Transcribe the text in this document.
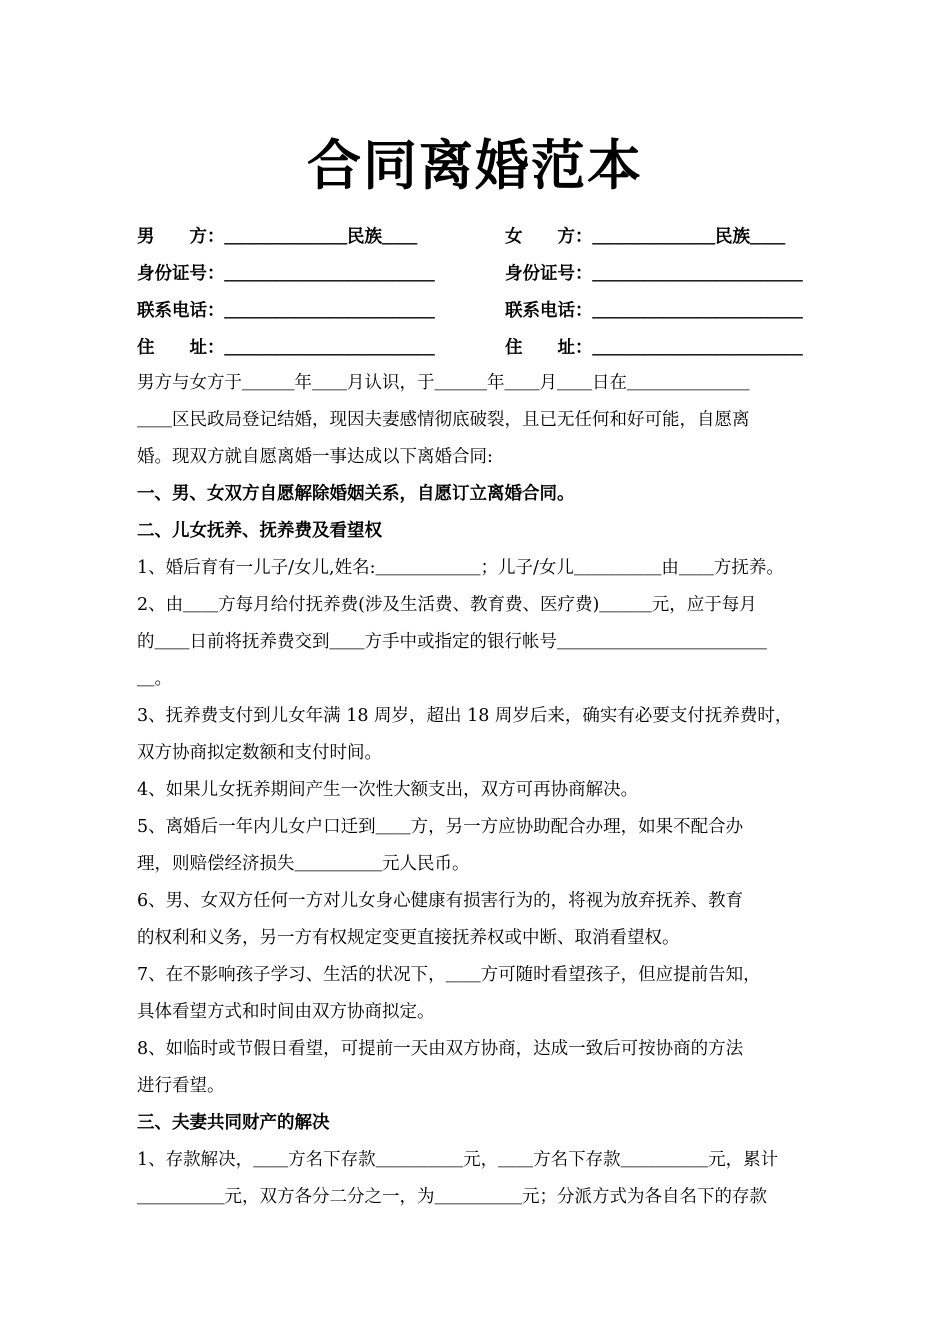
合同离婚范本
男　　方：＿＿＿＿＿＿＿民族＿＿	女　　方：＿＿＿＿＿＿＿民族＿＿
身份证号：＿＿＿＿＿＿＿＿＿＿＿＿	身份证号：＿＿＿＿＿＿＿＿＿＿＿＿
联系电话：＿＿＿＿＿＿＿＿＿＿＿＿	联系电话：＿＿＿＿＿＿＿＿＿＿＿＿
住　　址：＿＿＿＿＿＿＿＿＿＿＿＿	住　　址：＿＿＿＿＿＿＿＿＿＿＿＿
男方与女方于＿＿＿年＿＿月认识，于＿＿＿年＿＿月＿＿日在＿＿＿＿＿＿＿
＿＿区民政局登记结婚，现因夫妻感情彻底破裂，且已无任何和好可能，自愿离
婚。现双方就自愿离婚一事达成以下离婚合同:
一、男、女双方自愿解除婚姻关系，自愿订立离婚合同。
二、儿女抚养、抚养费及看望权
1、婚后育有一儿子/女儿,姓名:＿＿＿＿＿＿；儿子/女儿＿＿＿＿＿由＿＿方抚养。
2、由＿＿方每月给付抚养费(涉及生活费、教育费、医疗费)＿＿＿元，应于每月
的＿＿日前将抚养费交到＿＿方手中或指定的银行帐号＿＿＿＿＿＿＿＿＿＿＿＿
＿。
3、抚养费支付到儿女年满 18 周岁，超出 18 周岁后来，确实有必要支付抚养费时，
双方协商拟定数额和支付时间。
4、如果儿女抚养期间产生一次性大额支出，双方可再协商解决。
5、离婚后一年内儿女户口迁到＿＿方，另一方应协助配合办理，如果不配合办
理，则赔偿经济损失＿＿＿＿＿元人民币。
6、男、女双方任何一方对儿女身心健康有损害行为的，将视为放弃抚养、教育
的权利和义务，另一方有权规定变更直接抚养权或中断、取消看望权。
7、在不影响孩子学习、生活的状况下，＿＿方可随时看望孩子，但应提前告知，
具体看望方式和时间由双方协商拟定。
8、如临时或节假日看望，可提前一天由双方协商，达成一致后可按协商的方法
进行看望。
三、夫妻共同财产的解决
1、存款解决，＿＿方名下存款＿＿＿＿＿元，＿＿方名下存款＿＿＿＿＿元，累计
＿＿＿＿＿元，双方各分二分之一，为＿＿＿＿＿元；分派方式为各自名下的存款
